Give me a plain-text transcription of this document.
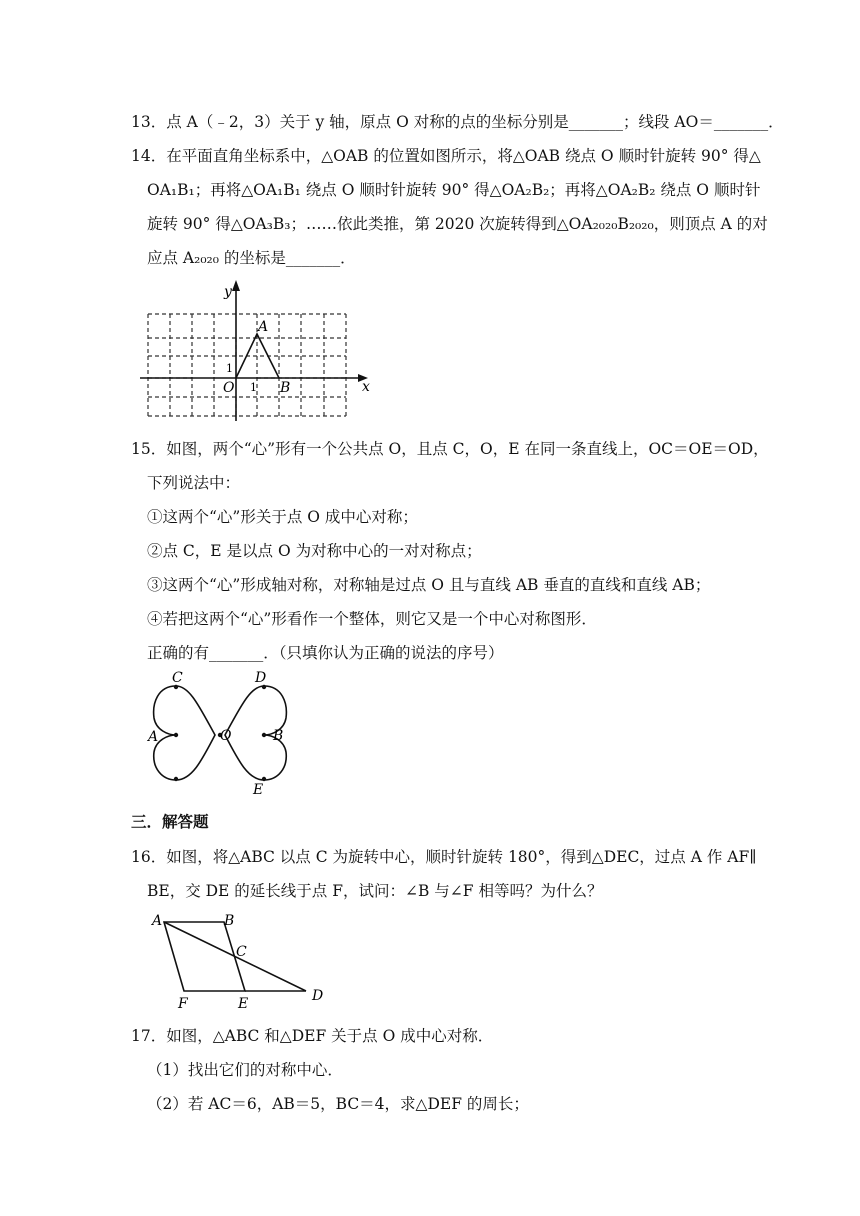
13．点 A（﹣2，3）关于 y 轴，原点 O 对称的点的坐标分别是_______；线段 AO＝_______．
14．在平面直角坐标系中，△OAB 的位置如图所示，将△OAB 绕点 O 顺时针旋转 90° 得△
OA₁B₁；再将△OA₁B₁ 绕点 O 顺时针旋转 90° 得△OA₂B₂；再将△OA₂B₂ 绕点 O 顺时针
旋转 90° 得△OA₃B₃；……依此类推，第 2020 次旋转得到△OA₂₀₂₀B₂₀₂₀，则顶点 A 的对
应点 A₂₀₂₀ 的坐标是_______．
y
x
A
O	B
1
1
15．如图，两个“心”形有一个公共点 O，且点 C，O，E 在同一条直线上，OC＝OE＝OD，
下列说法中：
①这两个“心”形关于点 O 成中心对称；
②点 C，E 是以点 O 为对称中心的一对对称点；
③这两个“心”形成轴对称，对称轴是过点 O 且与直线 AB 垂直的直线和直线 AB；
④若把这两个“心”形看作一个整体，则它又是一个中心对称图形．
正确的有_______．（只填你认为正确的说法的序号）
C	D
A	O	B
E
三．解答题
16．如图，将△ABC 以点 C 为旋转中心，顺时针旋转 180°，得到△DEC，过点 A 作 AF∥
BE，交 DE 的延长线于点 F，试问：∠B 与∠F 相等吗？为什么？
A	B
C
D
F	E
17．如图，△ABC 和△DEF 关于点 O 成中心对称．
（1）找出它们的对称中心．
（2）若 AC＝6，AB＝5，BC＝4，求△DEF 的周长；
